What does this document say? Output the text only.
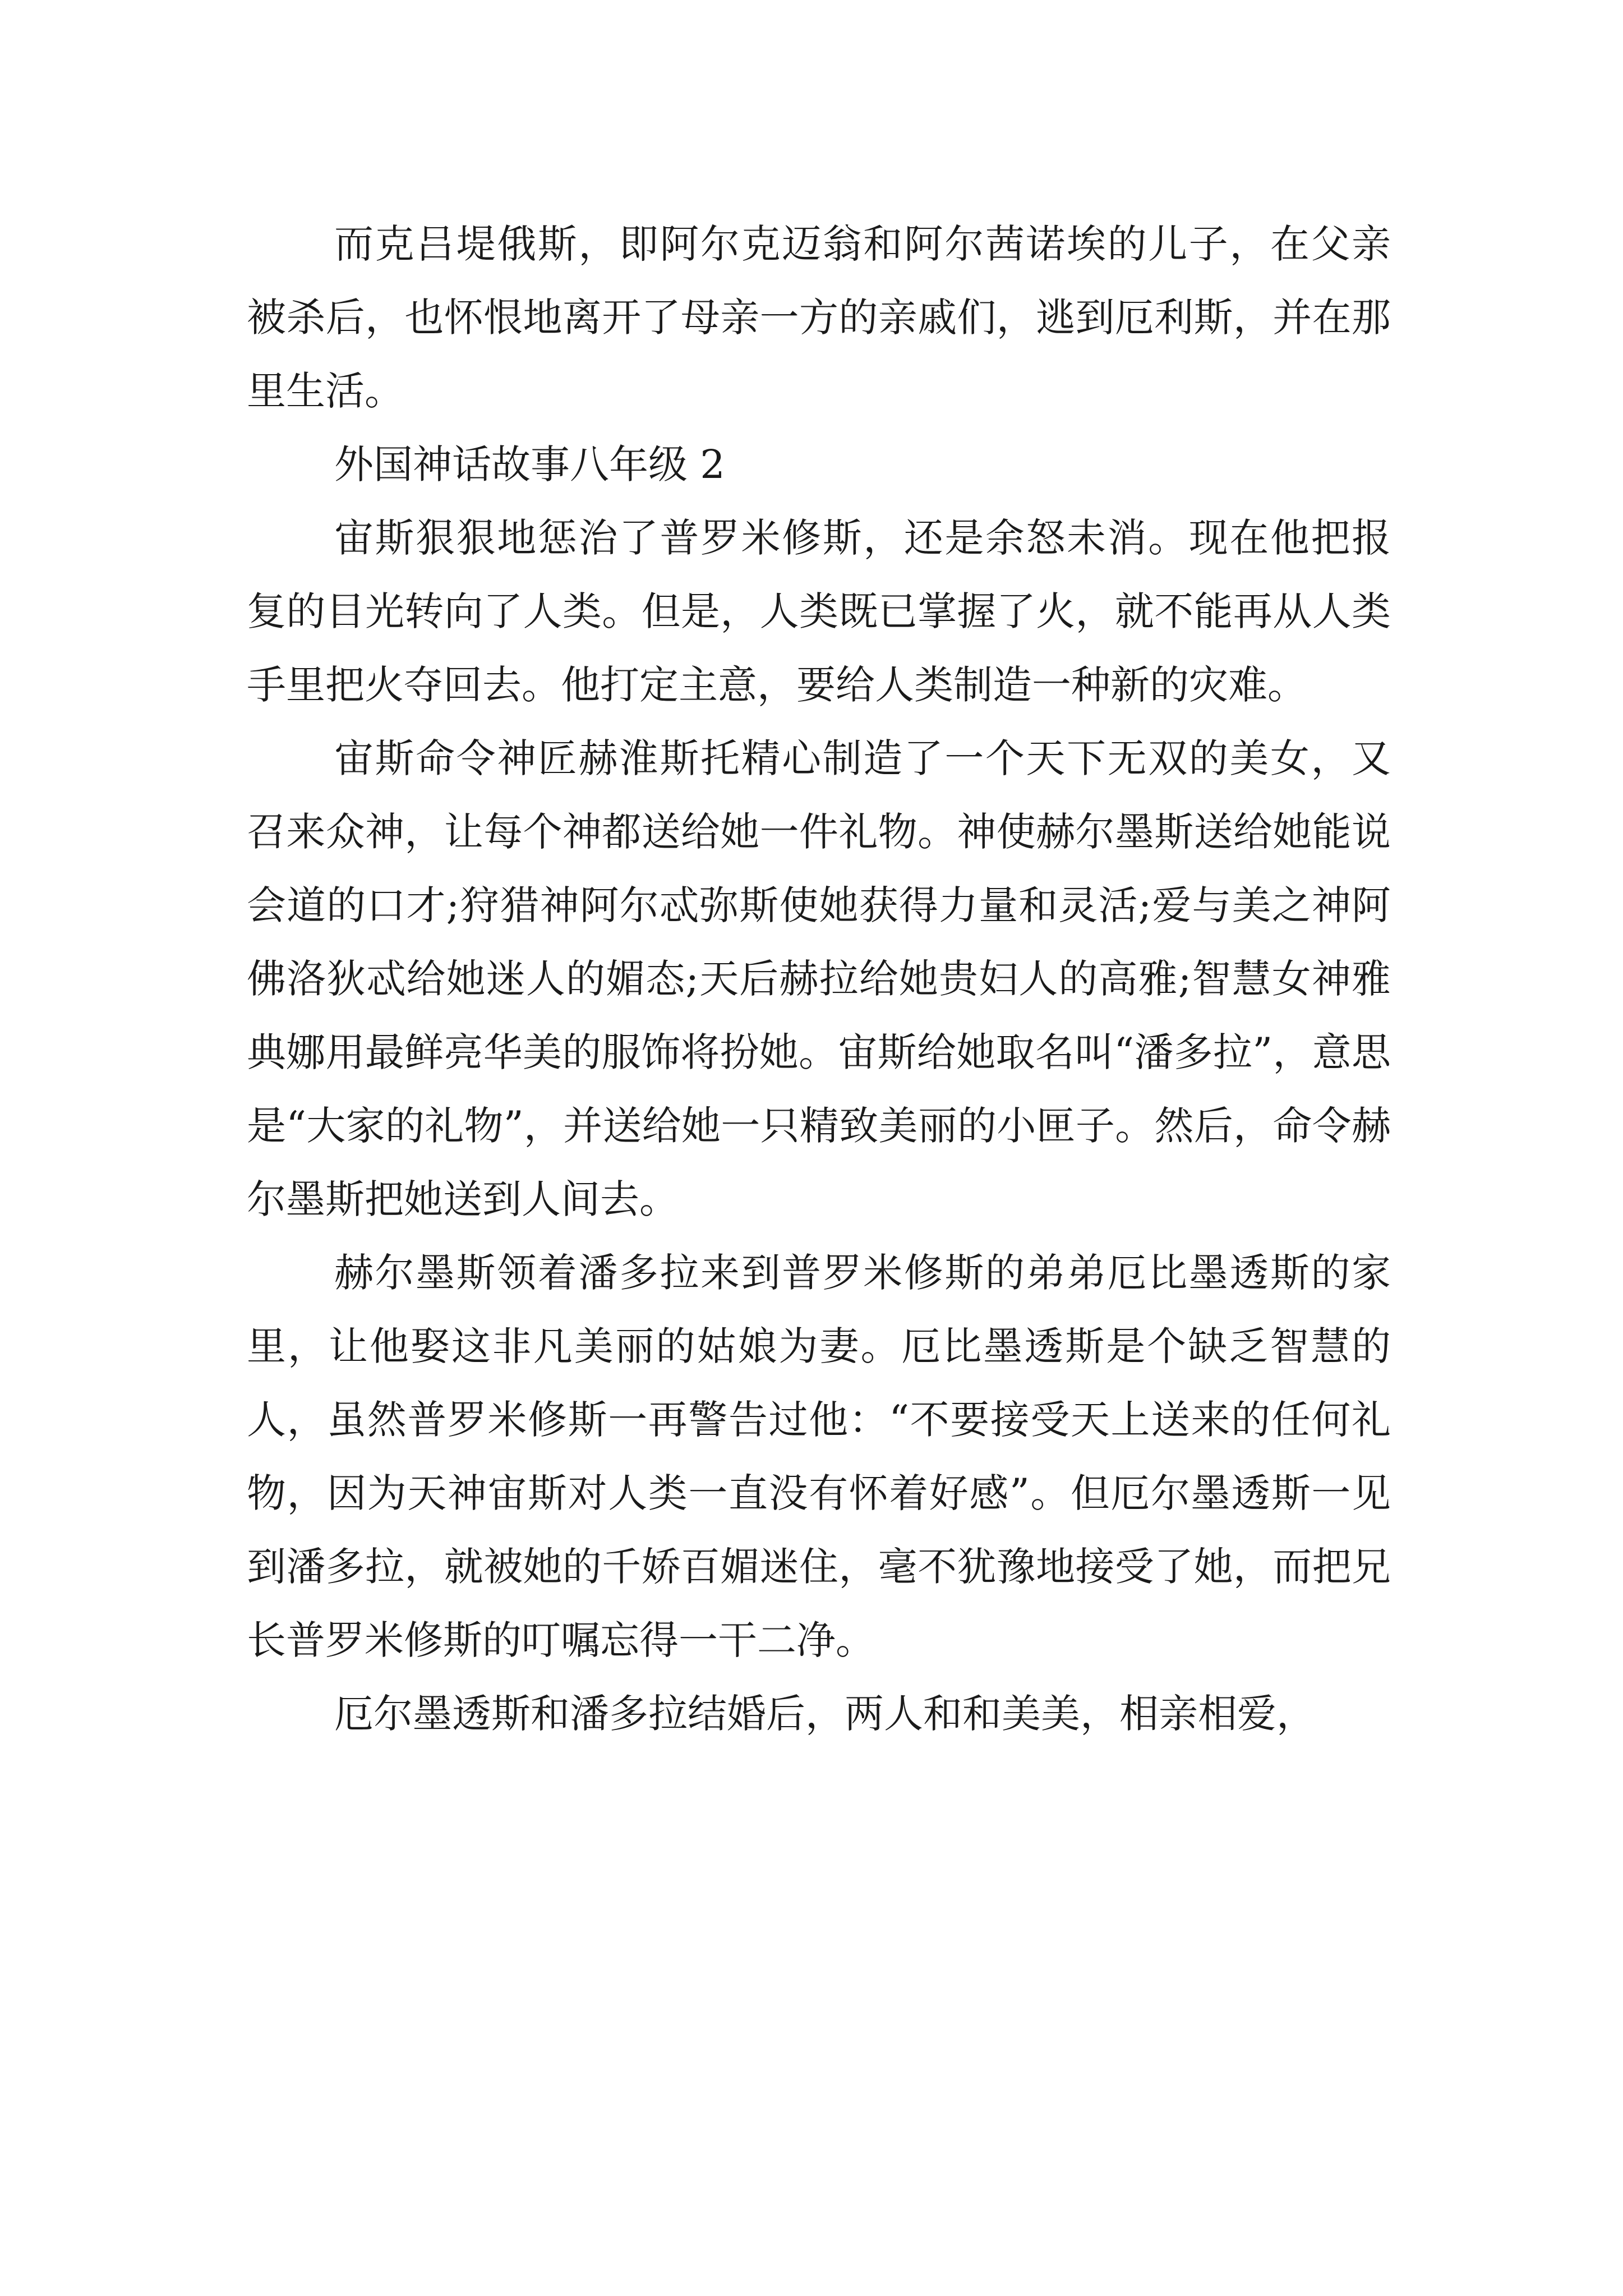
而克吕堤俄斯，即阿尔克迈翁和阿尔茜诺埃的儿子，在父亲被杀后，也怀恨地离开了母亲一方的亲戚们，逃到厄利斯，并在那里生活。

外国神话故事八年级 2

宙斯狠狠地惩治了普罗米修斯，还是余怒未消。现在他把报复的目光转向了人类。但是，人类既已掌握了火，就不能再从人类手里把火夺回去。他打定主意，要给人类制造一种新的灾难。

宙斯命令神匠赫淮斯托精心制造了一个天下无双的美女，又召来众神，让每个神都送给她一件礼物。神使赫尔墨斯送给她能说会道的口才;狩猎神阿尔忒弥斯使她获得力量和灵活;爱与美之神阿佛洛狄忒给她迷人的媚态;天后赫拉给她贵妇人的高雅;智慧女神雅典娜用最鲜亮华美的服饰将扮她。宙斯给她取名叫“潘多拉”，意思是“大家的礼物”，并送给她一只精致美丽的小匣子。然后，命令赫尔墨斯把她送到人间去。

赫尔墨斯领着潘多拉来到普罗米修斯的弟弟厄比墨透斯的家里，让他娶这非凡美丽的姑娘为妻。厄比墨透斯是个缺乏智慧的人，虽然普罗米修斯一再警告过他：“不要接受天上送来的任何礼物，因为天神宙斯对人类一直没有怀着好感”。但厄尔墨透斯一见到潘多拉，就被她的千娇百媚迷住，毫不犹豫地接受了她，而把兄长普罗米修斯的叮嘱忘得一干二净。

厄尔墨透斯和潘多拉结婚后，两人和和美美，相亲相爱，
